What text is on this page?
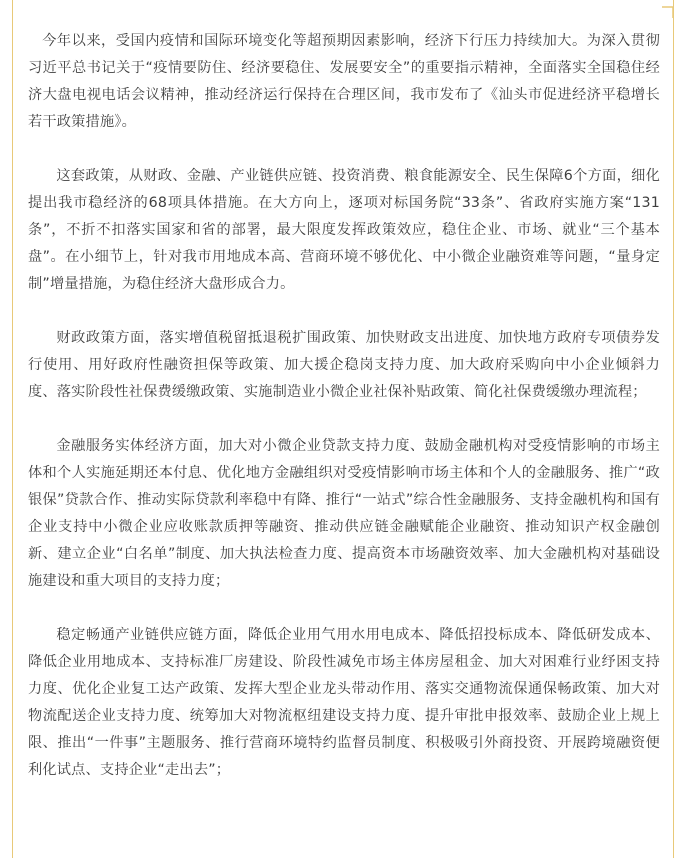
今年以来，受国内疫情和国际环境变化等超预期因素影响，经济下行压力持续加大。为深入贯彻习近平总书记关于“疫情要防住、经济要稳住、发展要安全”的重要指示精神，全面落实全国稳住经济大盘电视电话会议精神，推动经济运行保持在合理区间，我市发布了《汕头市促进经济平稳增长若干政策措施》。

这套政策，从财政、金融、产业链供应链、投资消费、粮食能源安全、民生保障6个方面，细化提出我市稳经济的68项具体措施。在大方向上，逐项对标国务院“33条”、省政府实施方案“131条”，不折不扣落实国家和省的部署，最大限度发挥政策效应，稳住企业、市场、就业“三个基本盘”。在小细节上，针对我市用地成本高、营商环境不够优化、中小微企业融资难等问题，“量身定制”增量措施，为稳住经济大盘形成合力。

财政政策方面，落实增值税留抵退税扩围政策、加快财政支出进度、加快地方政府专项债券发行使用、用好政府性融资担保等政策、加大援企稳岗支持力度、加大政府采购向中小企业倾斜力度、落实阶段性社保费缓缴政策、实施制造业小微企业社保补贴政策、简化社保费缓缴办理流程；

金融服务实体经济方面，加大对小微企业贷款支持力度、鼓励金融机构对受疫情影响的市场主体和个人实施延期还本付息、优化地方金融组织对受疫情影响市场主体和个人的金融服务、推广“政银保”贷款合作、推动实际贷款利率稳中有降、推行“一站式”综合性金融服务、支持金融机构和国有企业支持中小微企业应收账款质押等融资、推动供应链金融赋能企业融资、推动知识产权金融创新、建立企业“白名单”制度、加大执法检查力度、提高资本市场融资效率、加大金融机构对基础设施建设和重大项目的支持力度；

稳定畅通产业链供应链方面，降低企业用气用水用电成本、降低招投标成本、降低研发成本、降低企业用地成本、支持标准厂房建设、阶段性减免市场主体房屋租金、加大对困难行业纾困支持力度、优化企业复工达产政策、发挥大型企业龙头带动作用、落实交通物流保通保畅政策、加大对物流配送企业支持力度、统筹加大对物流枢纽建设支持力度、提升审批申报效率、鼓励企业上规上限、推出“一件事”主题服务、推行营商环境特约监督员制度、积极吸引外商投资、开展跨境融资便利化试点、支持企业“走出去”；
